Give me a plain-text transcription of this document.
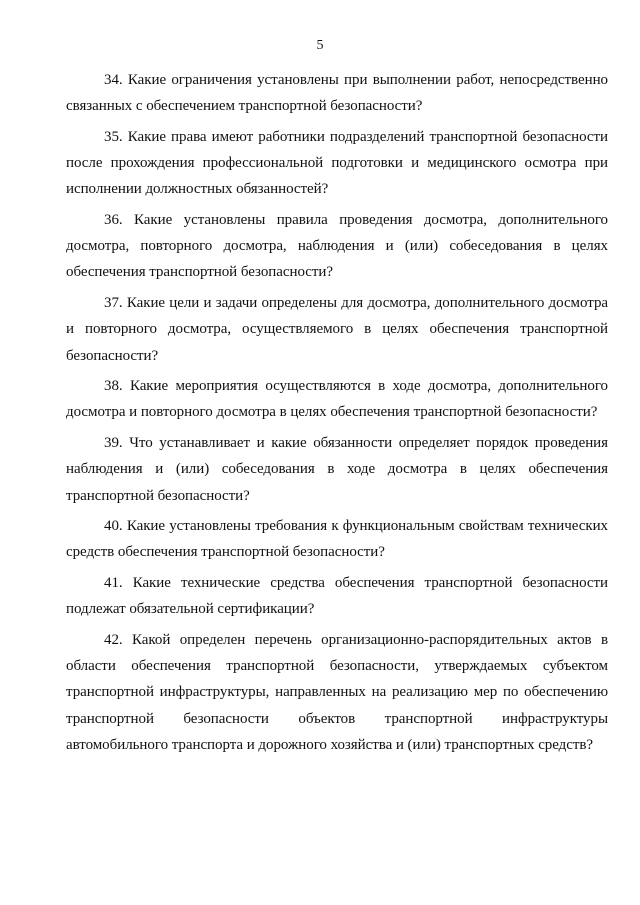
5

34. Какие ограничения установлены при выполнении работ, непосредственно связанных с обеспечением транспортной безопасности?

35. Какие права имеют работники подразделений транспортной безопасности после прохождения профессиональной подготовки и медицинского осмотра при исполнении должностных обязанностей?

36. Какие установлены правила проведения досмотра, дополнительного досмотра, повторного досмотра, наблюдения и (или) собеседования в целях обеспечения транспортной безопасности?

37. Какие цели и задачи определены для досмотра, дополнительного досмотра и повторного досмотра, осуществляемого в целях обеспечения транспортной безопасности?

38. Какие мероприятия осуществляются в ходе досмотра, дополнительного досмотра и повторного досмотра в целях обеспечения транспортной безопасности?

39. Что устанавливает и какие обязанности определяет порядок проведения наблюдения и (или) собеседования в ходе досмотра в целях обеспечения транспортной безопасности?

40. Какие установлены требования к функциональным свойствам технических средств обеспечения транспортной безопасности?

41. Какие технические средства обеспечения транспортной безопасности подлежат обязательной сертификации?

42. Какой определен перечень организационно-распорядительных актов в области обеспечения транспортной безопасности, утверждаемых субъектом транспортной инфраструктуры, направленных на реализацию мер по обеспечению транспортной безопасности объектов транспортной инфраструктуры автомобильного транспорта и дорожного хозяйства и (или) транспортных средств?
